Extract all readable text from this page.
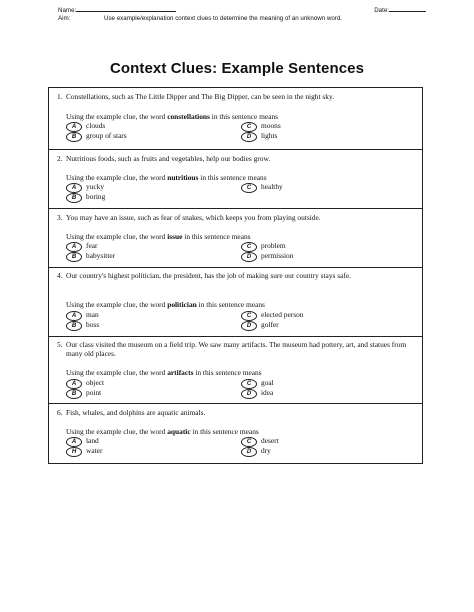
Name:	Date:
Aim:	Use example/explanation context clues to determine the meaning of an unknown word.
Context Clues: Example Sentences
1. Constellations, such as The Little Dipper and The Big Dipper, can be seen in the night sky.
Using the example clue, the word constellations in this sentence means
A	clouds	C	moons
B	group of stars	D	lights
2. Nutritious foods, such as fruits and vegetables, help our bodies grow.
Using the example clue, the word nutritious in this sentence means
A	yucky	C	healthy
B	boring
3. You may have an issue, such as fear of snakes, which keeps you from playing outside.
Using the example clue, the word issue in this sentence means
A	fear	C	problem
B	babysitter	D	permission
4. Our country's highest politician, the president, has the job of making sure our country stays safe.
Using the example clue, the word politician in this sentence means
A	man	C	elected person
B	boss	D	golfer
5. Our class visited the museum on a field trip. We saw many artifacts. The museum had pottery, art, and statues from many old places.
Using the example clue, the word artifacts in this sentence means
A	object	C	goal
B	point	D	idea
6. Fish, whales, and dolphins are aquatic animals.
Using the example clue, the word aquatic in this sentence means
A	land	C	desert
H	water	D	dry
